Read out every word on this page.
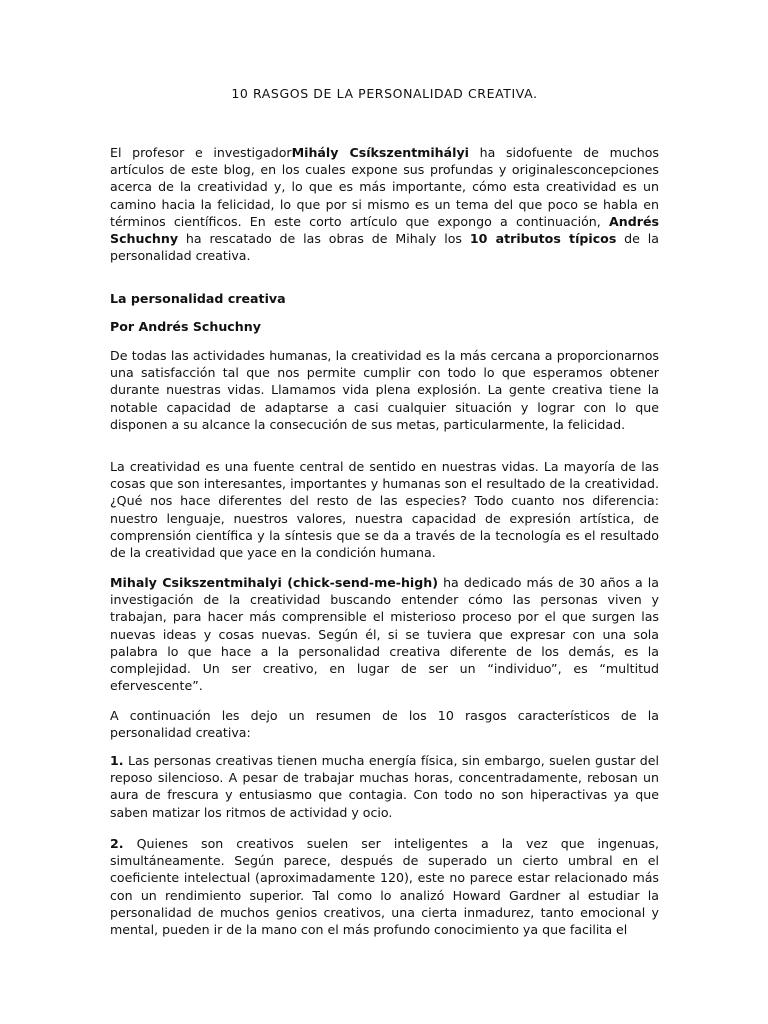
10 RASGOS DE LA PERSONALIDAD CREATIVA.

El profesor e investigadorMihály Csíkszentmihályi ha sidofuente de muchos artículos de este blog, en los cuales expone sus profundas y originalesconcepciones acerca de la creatividad y, lo que es más importante, cómo esta creatividad es un camino hacia la felicidad, lo que por si mismo es un tema del que poco se habla en términos científicos. En este corto artículo que expongo a continuación, Andrés Schuchny ha rescatado de las obras de Mihaly los 10 atributos típicos de la personalidad creativa.

La personalidad creativa
Por Andrés Schuchny

De todas las actividades humanas, la creatividad es la más cercana a proporcionarnos una satisfacción tal que nos permite cumplir con todo lo que esperamos obtener durante nuestras vidas. Llamamos vida plena explosión. La gente creativa tiene la notable capacidad de adaptarse a casi cualquier situación y lograr con lo que disponen a su alcance la consecución de sus metas, particularmente, la felicidad.

La creatividad es una fuente central de sentido en nuestras vidas. La mayoría de las cosas que son interesantes, importantes y humanas son el resultado de la creatividad. ¿Qué nos hace diferentes del resto de las especies? Todo cuanto nos diferencia: nuestro lenguaje, nuestros valores, nuestra capacidad de expresión artística, de comprensión científica y la síntesis que se da a través de la tecnología es el resultado de la creatividad que yace en la condición humana.

Mihaly Csikszentmihalyi (chick-send-me-high) ha dedicado más de 30 años a la investigación de la creatividad buscando entender cómo las personas viven y trabajan, para hacer más comprensible el misterioso proceso por el que surgen las nuevas ideas y cosas nuevas. Según él, si se tuviera que expresar con una sola palabra lo que hace a la personalidad creativa diferente de los demás, es la complejidad. Un ser creativo, en lugar de ser un “individuo”, es “multitud efervescente”.

A continuación les dejo un resumen de los 10 rasgos característicos de la personalidad creativa:

1. Las personas creativas tienen mucha energía física, sin embargo, suelen gustar del reposo silencioso. A pesar de trabajar muchas horas, concentradamente, rebosan un aura de frescura y entusiasmo que contagia. Con todo no son hiperactivas ya que saben matizar los ritmos de actividad y ocio.

2. Quienes son creativos suelen ser inteligentes a la vez que ingenuas, simultáneamente. Según parece, después de superado un cierto umbral en el coeficiente intelectual (aproximadamente 120), este no parece estar relacionado más con un rendimiento superior. Tal como lo analizó Howard Gardner al estudiar la personalidad de muchos genios creativos, una cierta inmadurez, tanto emocional y mental, pueden ir de la mano con el más profundo conocimiento ya que facilita el
